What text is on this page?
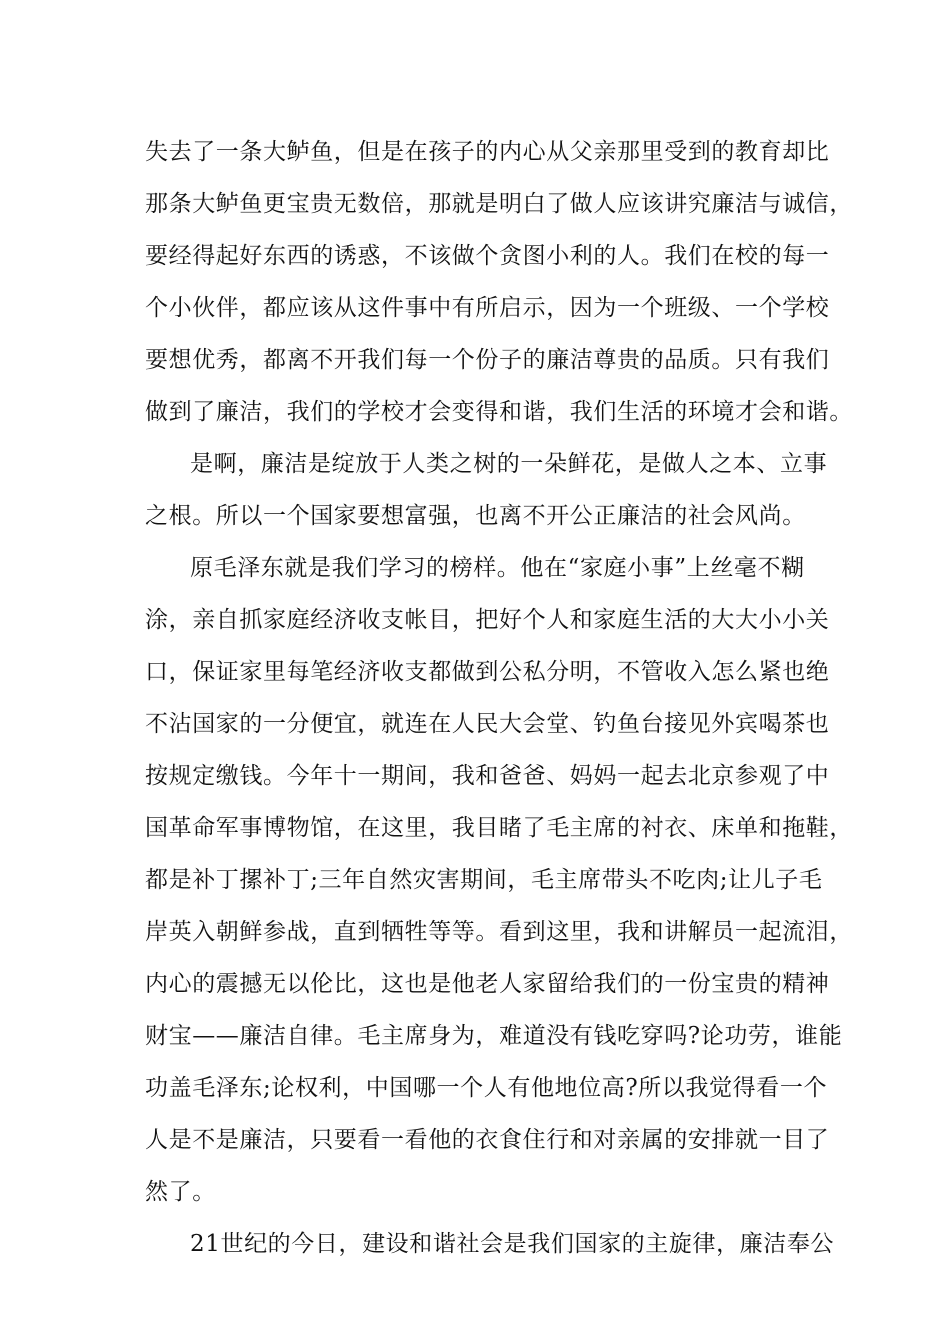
失去了一条大鲈鱼，但是在孩子的内心从父亲那里受到的教育却比
那条大鲈鱼更宝贵无数倍，那就是明白了做人应该讲究廉洁与诚信，
要经得起好东西的诱惑，不该做个贪图小利的人。我们在校的每一
个小伙伴，都应该从这件事中有所启示，因为一个班级、一个学校
要想优秀，都离不开我们每一个份子的廉洁尊贵的品质。只有我们
做到了廉洁，我们的学校才会变得和谐，我们生活的环境才会和谐。
是啊，廉洁是绽放于人类之树的一朵鲜花，是做人之本、立事
之根。所以一个国家要想富强，也离不开公正廉洁的社会风尚。
原毛泽东就是我们学习的榜样。他在“家庭小事”上丝毫不糊
涂，亲自抓家庭经济收支帐目，把好个人和家庭生活的大大小小关
口，保证家里每笔经济收支都做到公私分明，不管收入怎么紧也绝
不沾国家的一分便宜，就连在人民大会堂、钓鱼台接见外宾喝茶也
按规定缴钱。今年十一期间，我和爸爸、妈妈一起去北京参观了中
国革命军事博物馆，在这里，我目睹了毛主席的衬衣、床单和拖鞋，
都是补丁摞补丁;三年自然灾害期间，毛主席带头不吃肉;让儿子毛
岸英入朝鲜参战，直到牺牲等等。看到这里，我和讲解员一起流泪，
内心的震撼无以伦比，这也是他老人家留给我们的一份宝贵的精神
财宝——廉洁自律。毛主席身为，难道没有钱吃穿吗?论功劳，谁能
功盖毛泽东;论权利，中国哪一个人有他地位高?所以我觉得看一个
人是不是廉洁，只要看一看他的衣食住行和对亲属的安排就一目了
然了。
21世纪的今日，建设和谐社会是我们国家的主旋律，廉洁奉公
